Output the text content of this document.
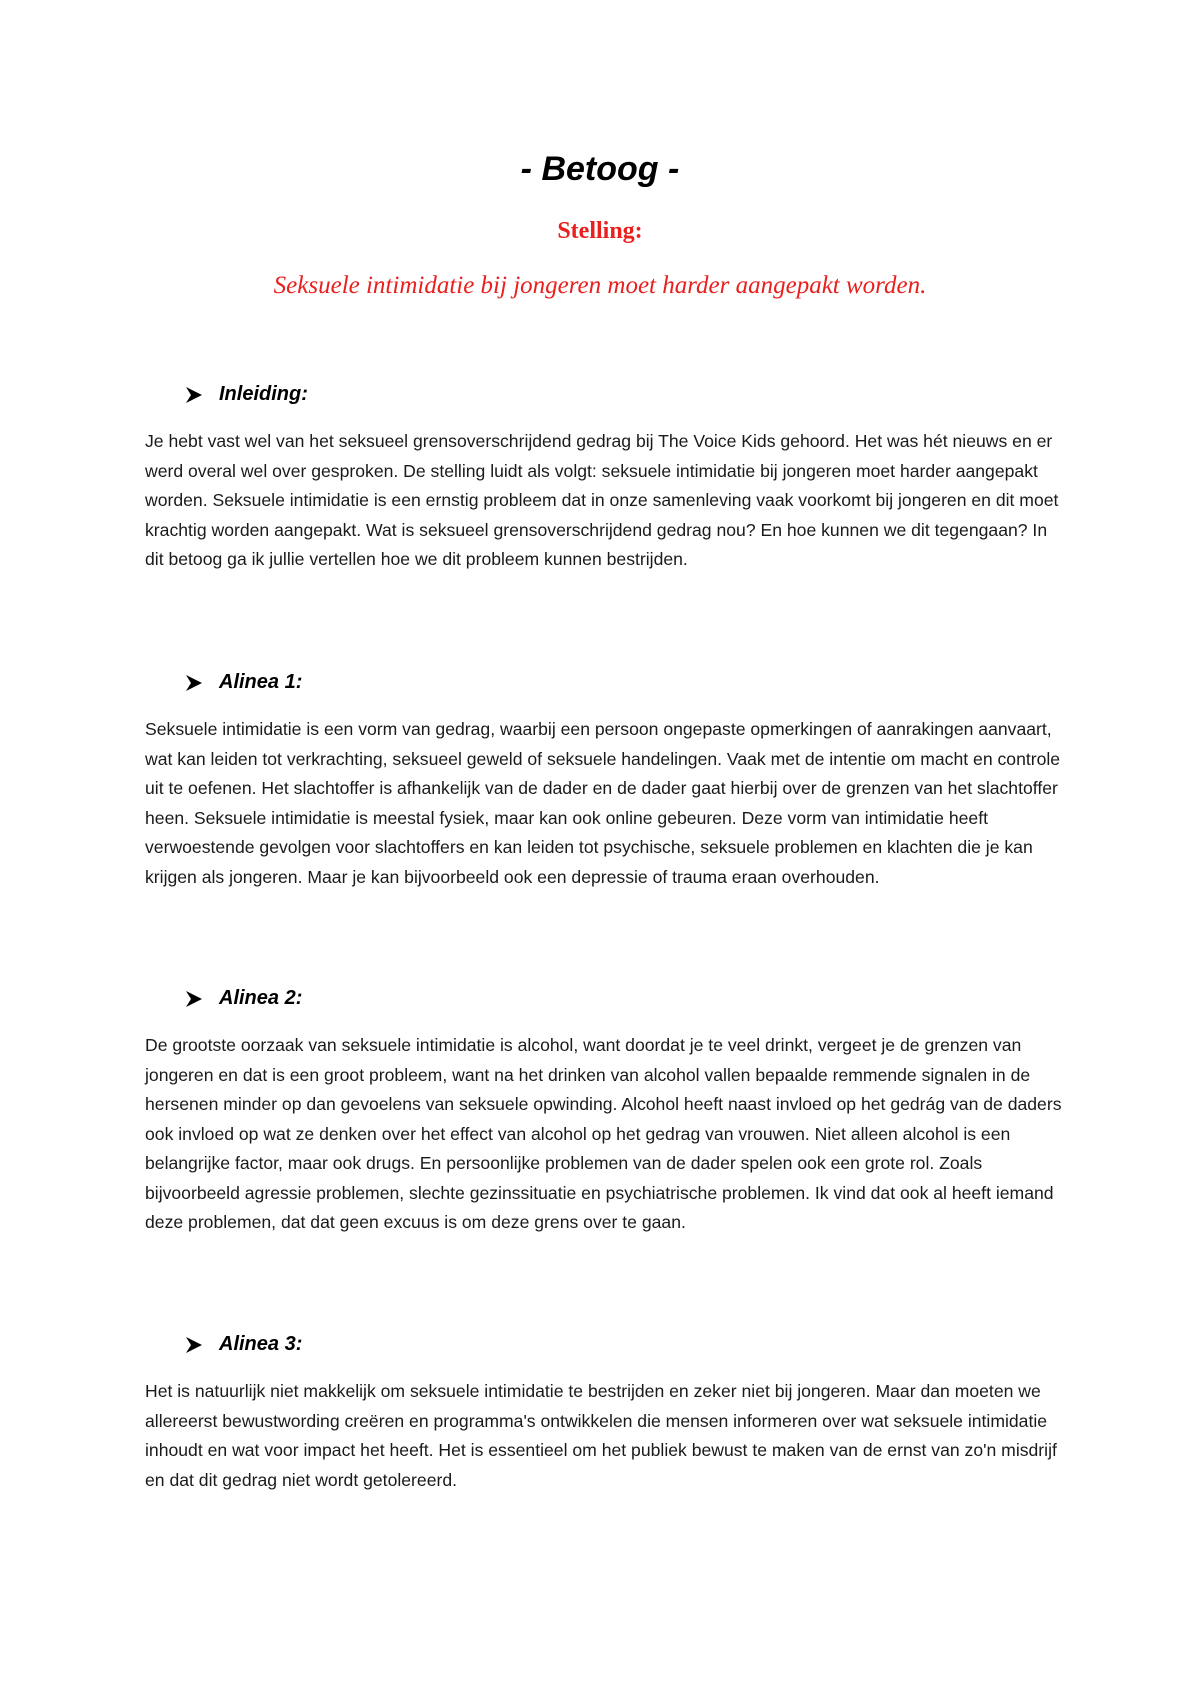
- Betoog -
Stelling:
Seksuele intimidatie bij jongeren moet harder aangepakt worden.
Inleiding:

Je hebt vast wel van het seksueel grensoverschrijdend gedrag bij The Voice Kids gehoord. Het was hét nieuws en er werd overal wel over gesproken. De stelling luidt als volgt: seksuele intimidatie bij jongeren moet harder aangepakt worden. Seksuele intimidatie is een ernstig probleem dat in onze samenleving vaak voorkomt bij jongeren en dit moet krachtig worden aangepakt. Wat is seksueel grensoverschrijdend gedrag nou? En hoe kunnen we dit tegengaan? In dit betoog ga ik jullie vertellen hoe we dit probleem kunnen bestrijden.

Alinea 1:

Seksuele intimidatie is een vorm van gedrag, waarbij een persoon ongepaste opmerkingen of aanrakingen aanvaart, wat kan leiden tot verkrachting, seksueel geweld of seksuele handelingen. Vaak met de intentie om macht en controle uit te oefenen. Het slachtoffer is afhankelijk van de dader en de dader gaat hierbij over de grenzen van het slachtoffer heen. Seksuele intimidatie is meestal fysiek, maar kan ook online gebeuren. Deze vorm van intimidatie heeft verwoestende gevolgen voor slachtoffers en kan leiden tot psychische, seksuele problemen en klachten die je kan krijgen als jongeren. Maar je kan bijvoorbeeld ook een depressie of trauma eraan overhouden.

Alinea 2:

De grootste oorzaak van seksuele intimidatie is alcohol, want doordat je te veel drinkt, vergeet je de grenzen van jongeren en dat is een groot probleem, want na het drinken van alcohol vallen bepaalde remmende signalen in de hersenen minder op dan gevoelens van seksuele opwinding. Alcohol heeft naast invloed op het gedrág van de daders ook invloed op wat ze denken over het effect van alcohol op het gedrag van vrouwen. Niet alleen alcohol is een belangrijke factor, maar ook drugs. En persoonlijke problemen van de dader spelen ook een grote rol. Zoals bijvoorbeeld agressie problemen, slechte gezinssituatie en psychiatrische problemen. Ik vind dat ook al heeft iemand deze problemen, dat dat geen excuus is om deze grens over te gaan.

Alinea 3:

Het is natuurlijk niet makkelijk om seksuele intimidatie te bestrijden en zeker niet bij jongeren. Maar dan moeten we allereerst bewustwording creëren en programma's ontwikkelen die mensen informeren over wat seksuele intimidatie inhoudt en wat voor impact het heeft. Het is essentieel om het publiek bewust te maken van de ernst van zo'n misdrijf en dat dit gedrag niet wordt getolereerd.
